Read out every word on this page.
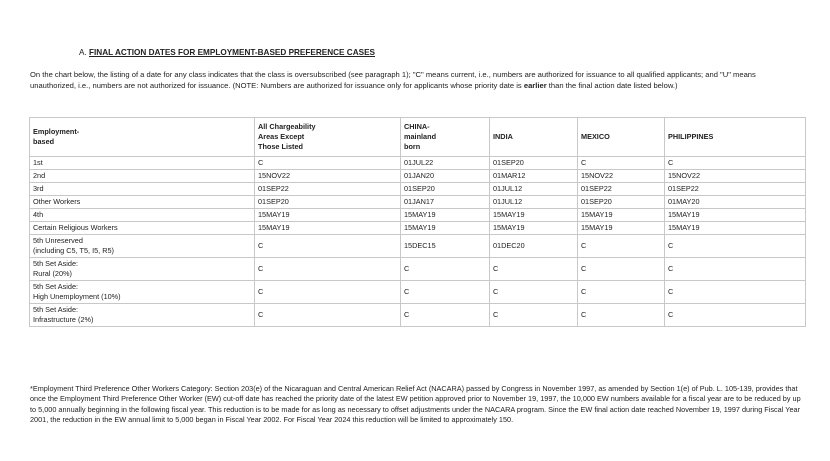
A. FINAL ACTION DATES FOR EMPLOYMENT-BASED PREFERENCE CASES
On the chart below, the listing of a date for any class indicates that the class is oversubscribed (see paragraph 1); "C" means current, i.e., numbers are authorized for issuance to all qualified applicants; and "U" means unauthorized, i.e., numbers are not authorized for issuance. (NOTE: Numbers are authorized for issuance only for applicants whose priority date is earlier than the final action date listed below.)
Employment-
based	All Chargeability
Areas Except
Those Listed	CHINA-
mainland
born	INDIA	MEXICO	PHILIPPINES
1st	C	01JUL22	01SEP20	C	C
2nd	15NOV22	01JAN20	01MAR12	15NOV22	15NOV22
3rd	01SEP22	01SEP20	01JUL12	01SEP22	01SEP22
Other Workers	01SEP20	01JAN17	01JUL12	01SEP20	01MAY20
4th	15MAY19	15MAY19	15MAY19	15MAY19	15MAY19
Certain Religious Workers	15MAY19	15MAY19	15MAY19	15MAY19	15MAY19
5th Unreserved
(including C5, T5, I5, R5)	C	15DEC15	01DEC20	C	C
5th Set Aside:
Rural (20%)	C	C	C	C	C
5th Set Aside:
High Unemployment (10%)	C	C	C	C	C
5th Set Aside:
Infrastructure (2%)	C	C	C	C	C
*Employment Third Preference Other Workers Category: Section 203(e) of the Nicaraguan and Central American Relief Act (NACARA) passed by Congress in November 1997, as amended by Section 1(e) of Pub. L. 105-139, provides that once the Employment Third Preference Other Worker (EW) cut-off date has reached the priority date of the latest EW petition approved prior to November 19, 1997, the 10,000 EW numbers available for a fiscal year are to be reduced by up to 5,000 annually beginning in the following fiscal year. This reduction is to be made for as long as necessary to offset adjustments under the NACARA program. Since the EW final action date reached November 19, 1997 during Fiscal Year 2001, the reduction in the EW annual limit to 5,000 began in Fiscal Year 2002. For Fiscal Year 2024 this reduction will be limited to approximately 150.
